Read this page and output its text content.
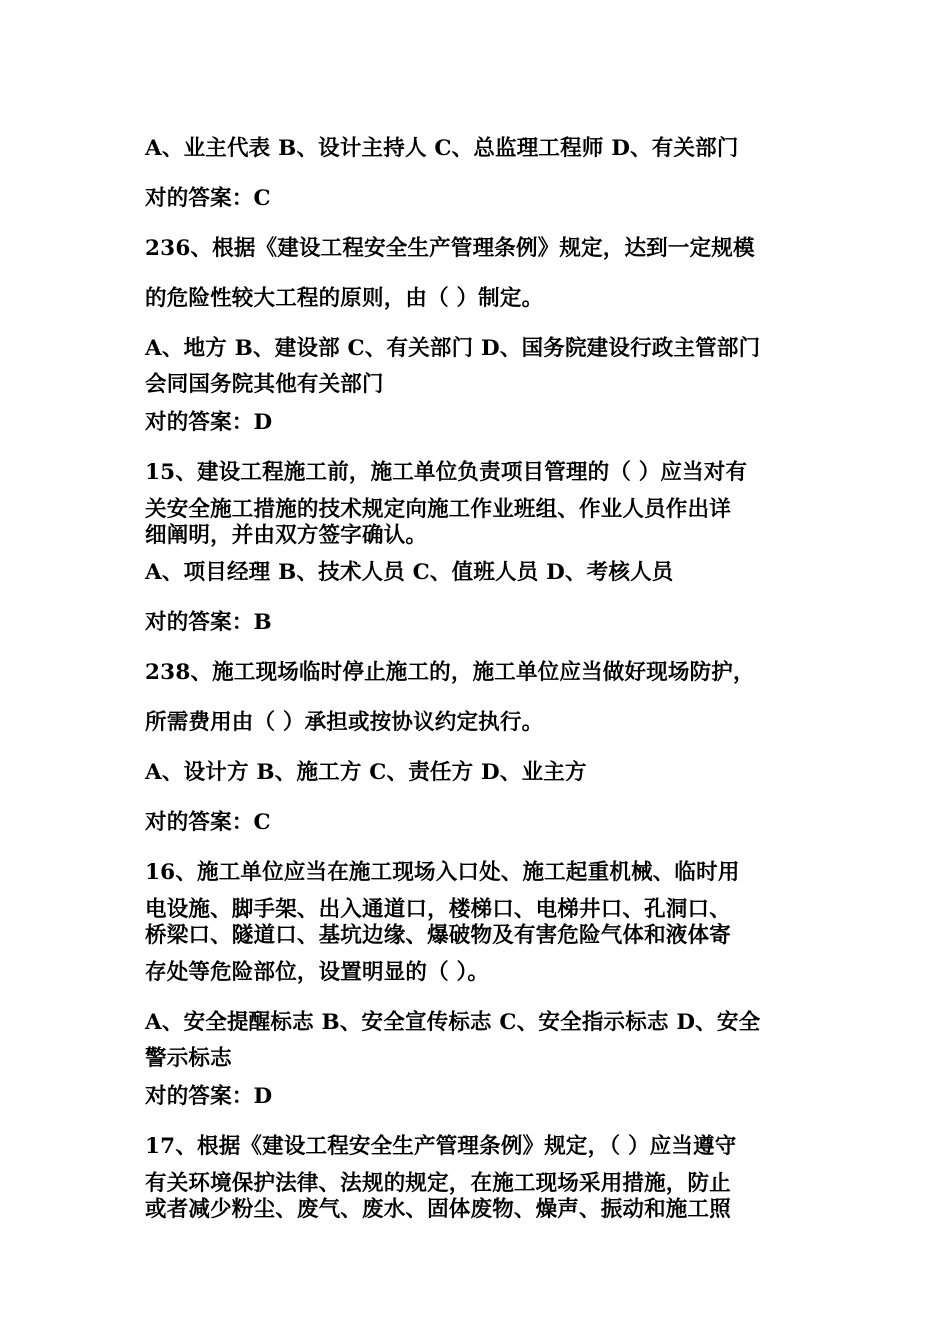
A、业主代表 B、设计主持人 C、总监理工程师 D、有关部门
对的答案：C
236、根据《建设工程安全生产管理条例》规定，达到一定规模
的危险性较大工程的原则，由（ ）制定。
A、地方 B、建设部 C、有关部门 D、国务院建设行政主管部门
会同国务院其他有关部门
对的答案：D
15、建设工程施工前，施工单位负责项目管理的（ ）应当对有
关安全施工措施的技术规定向施工作业班组、作业人员作出详
细阐明，并由双方签字确认。
A、项目经理 B、技术人员 C、值班人员 D、考核人员
对的答案：B
238、施工现场临时停止施工的，施工单位应当做好现场防护，
所需费用由（ ）承担或按协议约定执行。
A、设计方 B、施工方 C、责任方 D、业主方
对的答案：C
16、施工单位应当在施工现场入口处、施工起重机械、临时用
电设施、脚手架、出入通道口，楼梯口、电梯井口、孔洞口、
桥梁口、隧道口、基坑边缘、爆破物及有害危险气体和液体寄
存处等危险部位，设置明显的（ ）。
A、安全提醒标志 B、安全宣传标志 C、安全指示标志 D、安全
警示标志
对的答案：D
17、根据《建设工程安全生产管理条例》规定，（ ）应当遵守
有关环境保护法律、法规的规定，在施工现场采用措施，防止
或者减少粉尘、废气、废水、固体废物、燥声、振动和施工照
